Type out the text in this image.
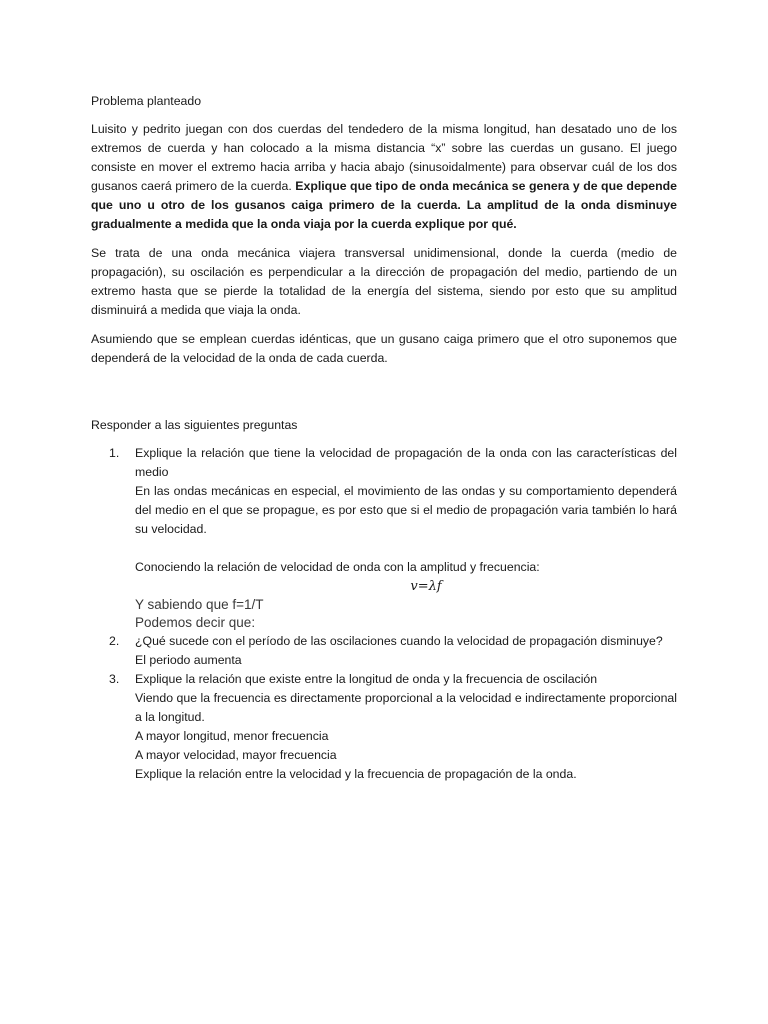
Problema planteado

Luisito y pedrito juegan con dos cuerdas del tendedero de la misma longitud, han desatado uno de los extremos de cuerda y han colocado a la misma distancia “x” sobre las cuerdas un gusano. El juego consiste en mover el extremo hacia arriba y hacia abajo (sinusoidalmente) para observar cuál de los dos gusanos caerá primero de la cuerda. Explique que tipo de onda mecánica se genera y de que depende que uno u otro de los gusanos caiga primero de la cuerda. La amplitud de la onda disminuye gradualmente a medida que la onda viaja por la cuerda explique por qué.

Se trata de una onda mecánica viajera transversal unidimensional, donde la cuerda (medio de propagación), su oscilación es perpendicular a la dirección de propagación del medio, partiendo de un extremo hasta que se pierde la totalidad de la energía del sistema, siendo por esto que su amplitud disminuirá a medida que viaja la onda.

Asumiendo que se emplean cuerdas idénticas, que un gusano caiga primero que el otro suponemos que dependerá de la velocidad de la onda de cada cuerda.

Responder a las siguientes preguntas

1. Explique la relación que tiene la velocidad de propagación de la onda con las características del medio

En las ondas mecánicas en especial, el movimiento de las ondas y su comportamiento dependerá del medio en el que se propague, es por esto que si el medio de propagación varia también lo hará su velocidad.

Conociendo la relación de velocidad de onda con la amplitud y frecuencia:

v=λf

Y sabiendo que f=1/T

Podemos decir que:

2. ¿Qué sucede con el período de las oscilaciones cuando la velocidad de propagación disminuye?

El periodo aumenta

3. Explique la relación que existe entre la longitud de onda y la frecuencia de oscilación

Viendo que la frecuencia es directamente proporcional a la velocidad e indirectamente proporcional a la longitud.

A mayor longitud, menor frecuencia

A mayor velocidad, mayor frecuencia

Explique la relación entre la velocidad y la frecuencia de propagación de la onda.
